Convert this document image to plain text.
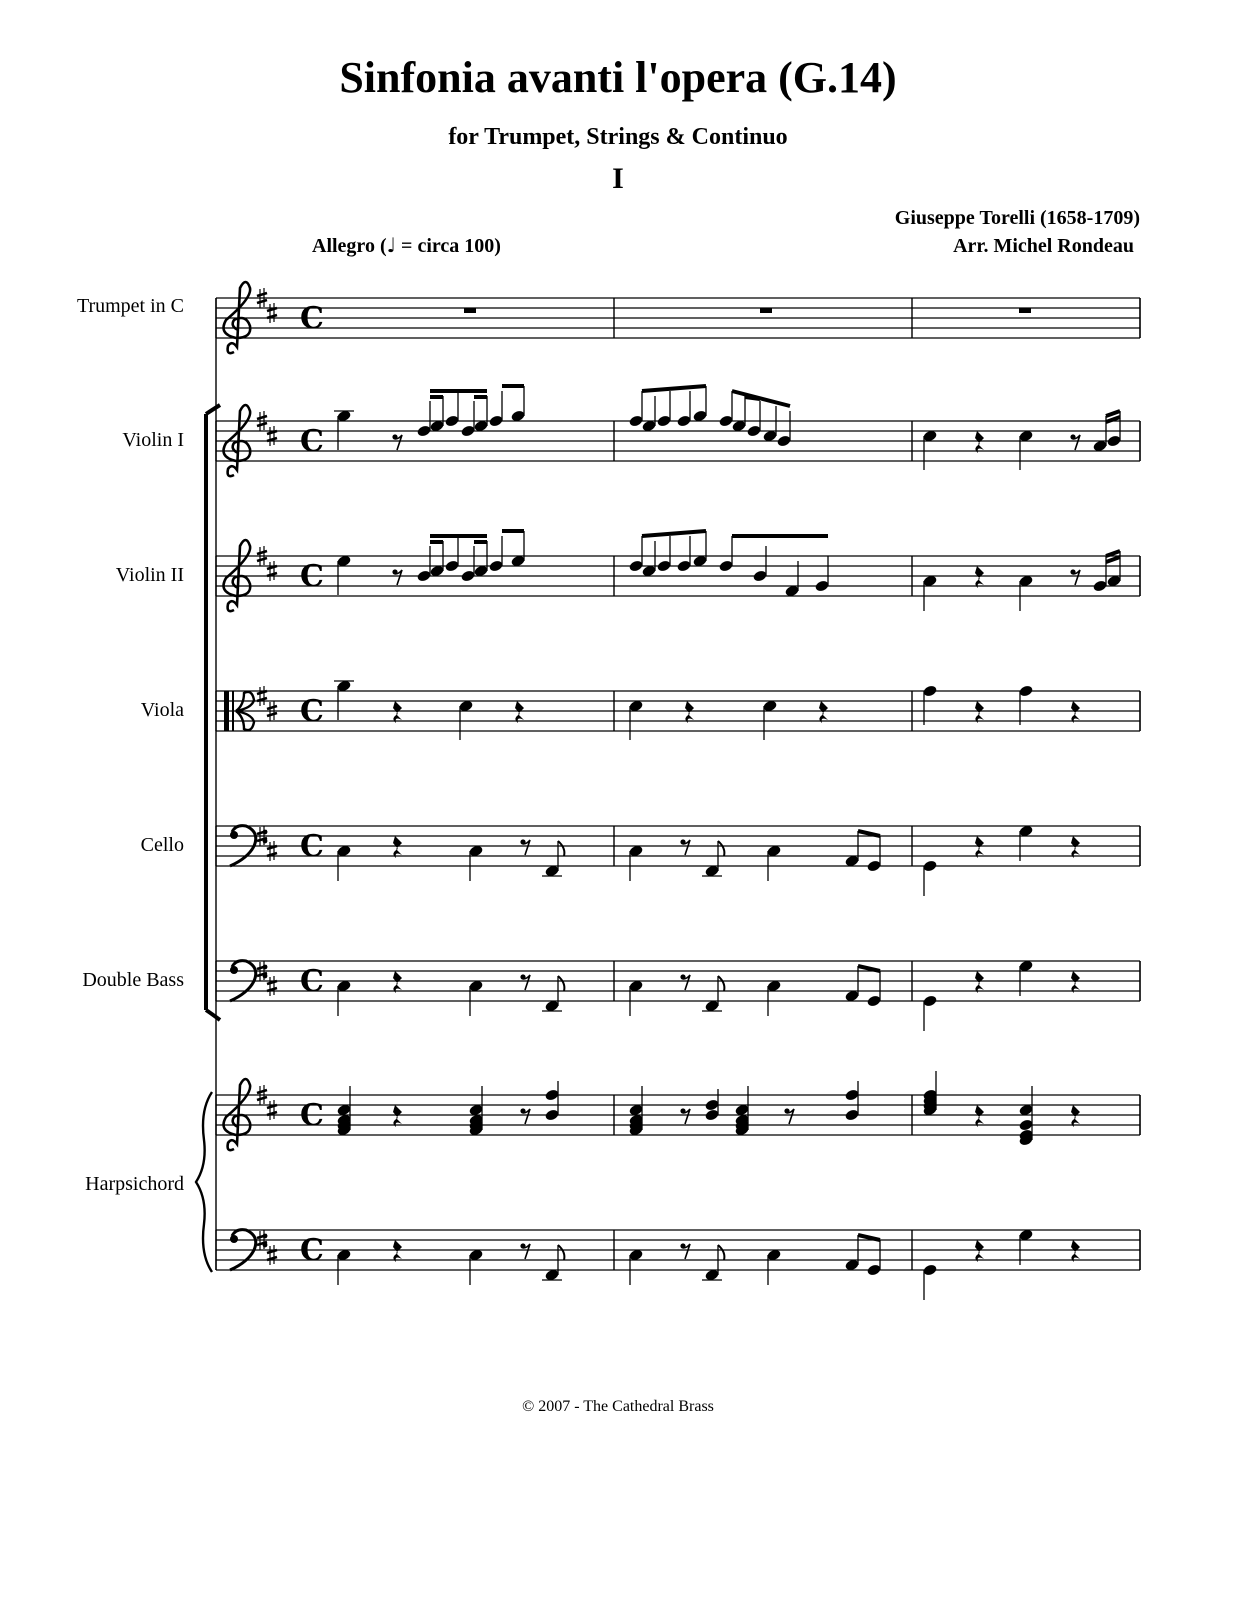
Sinfonia avanti l'opera (G.14)
for Trumpet, Strings & Continuo
I
Giuseppe Torelli (1658-1709)
Arr. Michel Rondeau
Allegro (♩ = circa 100)
Trumpet in C
Violin I
Violin II
Viola
Cello
Double Bass
Harpsichord
C
C
C
C
C
C
C
C
© 2007 - The Cathedral Brass
